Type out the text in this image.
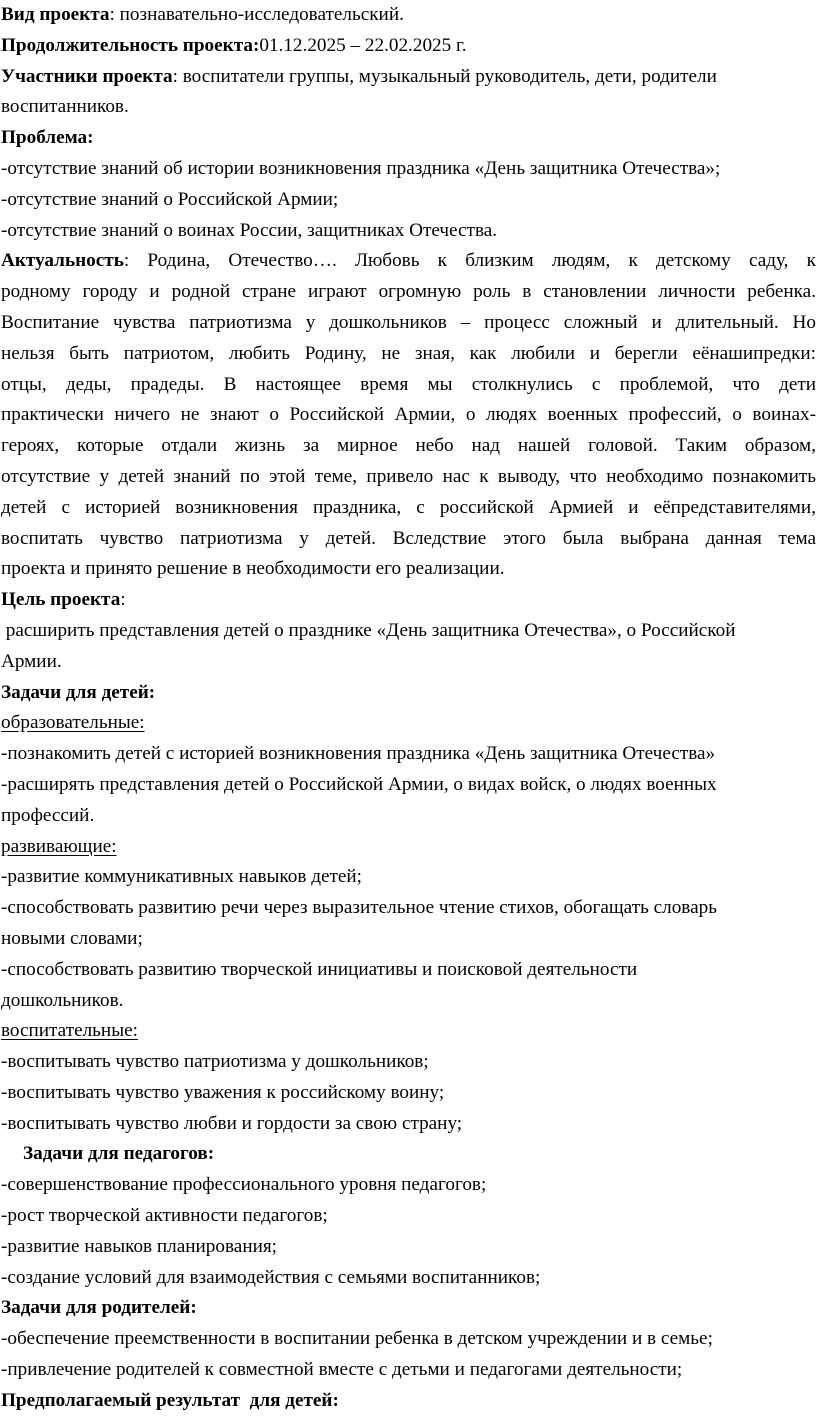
Вид проекта: познавательно-исследовательский.
Продолжительность проекта:01.12.2025 – 22.02.2025 г.
Участники проекта: воспитатели группы, музыкальный руководитель, дети, родители
воспитанников.
Проблема:
-отсутствие знаний об истории возникновения праздника «День защитника Отечества»;
-отсутствие знаний о Российской Армии;
-отсутствие знаний о воинах России, защитниках Отечества.
Актуальность: Родина, Отечество…. Любовь к близким людям, к детскому саду, к
родному городу и родной стране играют огромную роль в становлении личности ребенка.
Воспитание чувства патриотизма у дошкольников – процесс сложный и длительный. Но
нельзя быть патриотом, любить Родину, не зная, как любили и берегли еёнашипредки:
отцы, деды, прадеды. В настоящее время мы столкнулись с проблемой, что дети
практически ничего не знают о Российской Армии, о людях военных профессий, о воинах-
героях, которые отдали жизнь за мирное небо над нашей головой. Таким образом,
отсутствие у детей знаний по этой теме, привело нас к выводу, что необходимо познакомить
детей с историей возникновения праздника, с российской Армией и еёпредставителями,
воспитать чувство патриотизма у детей. Вследствие этого была выбрана данная тема
проекта и принято решение в необходимости его реализации.
Цель проекта:
расширить представления детей о празднике «День защитника Отечества», о Российской
Армии.
Задачи для детей:
образовательные:
-познакомить детей с историей возникновения праздника «День защитника Отечества»
-расширять представления детей о Российской Армии, о видах войск, о людях военных
профессий.
развивающие:
-развитие коммуникативных навыков детей;
-способствовать развитию речи через выразительное чтение стихов, обогащать словарь
новыми словами;
-способствовать развитию творческой инициативы и поисковой деятельности
дошкольников.
воспитательные:
-воспитывать чувство патриотизма у дошкольников;
-воспитывать чувство уважения к российскому воину;
-воспитывать чувство любви и гордости за свою страну;
Задачи для педагогов:
-совершенствование профессионального уровня педагогов;
-рост творческой активности педагогов;
-развитие навыков планирования;
-создание условий для взаимодействия с семьями воспитанников;
Задачи для родителей:
-обеспечение преемственности в воспитании ребенка в детском учреждении и в семье;
-привлечение родителей к совместной вместе с детьми и педагогами деятельности;
Предполагаемый результат  для детей:
